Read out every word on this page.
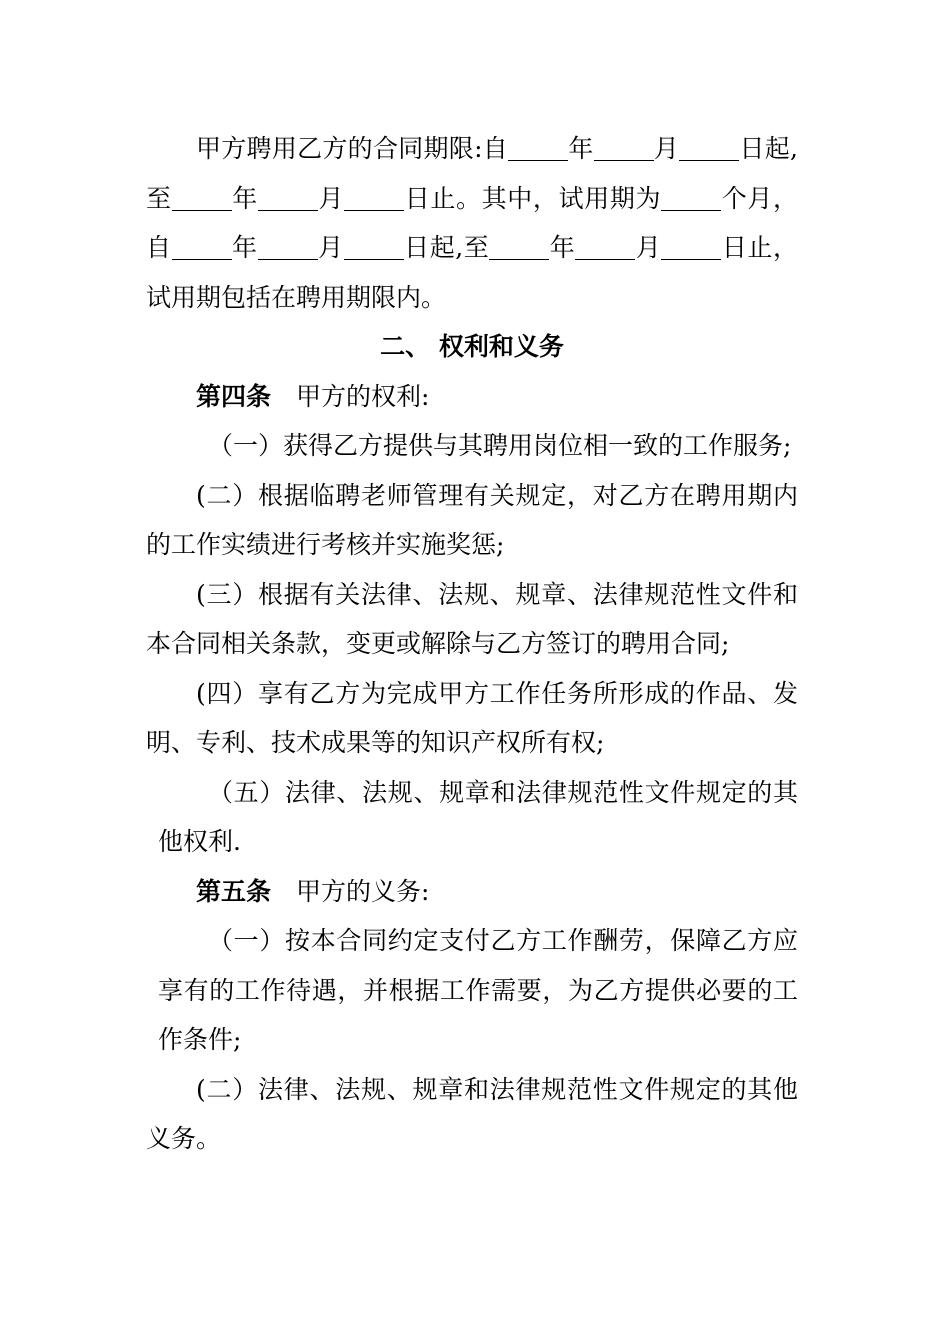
甲方聘用乙方的合同期限:自 年 月 日起,至 年 月 日止。其中，试用期为 个月，自 年 月 日起,至 年 月 日止，试用期包括在聘用期限内。

二、 权利和义务

第四条 甲方的权利:

（一）获得乙方提供与其聘用岗位相一致的工作服务;

(二）根据临聘老师管理有关规定，对乙方在聘用期内的工作实绩进行考核并实施奖惩;

(三）根据有关法律、法规、规章、法律规范性文件和本合同相关条款，变更或解除与乙方签订的聘用合同;

(四）享有乙方为完成甲方工作任务所形成的作品、发明、专利、技术成果等的知识产权所有权;

（五）法律、法规、规章和法律规范性文件规定的其他权利.

第五条 甲方的义务:

（一）按本合同约定支付乙方工作酬劳，保障乙方应享有的工作待遇，并根据工作需要，为乙方提供必要的工作条件;

(二）法律、法规、规章和法律规范性文件规定的其他义务。
